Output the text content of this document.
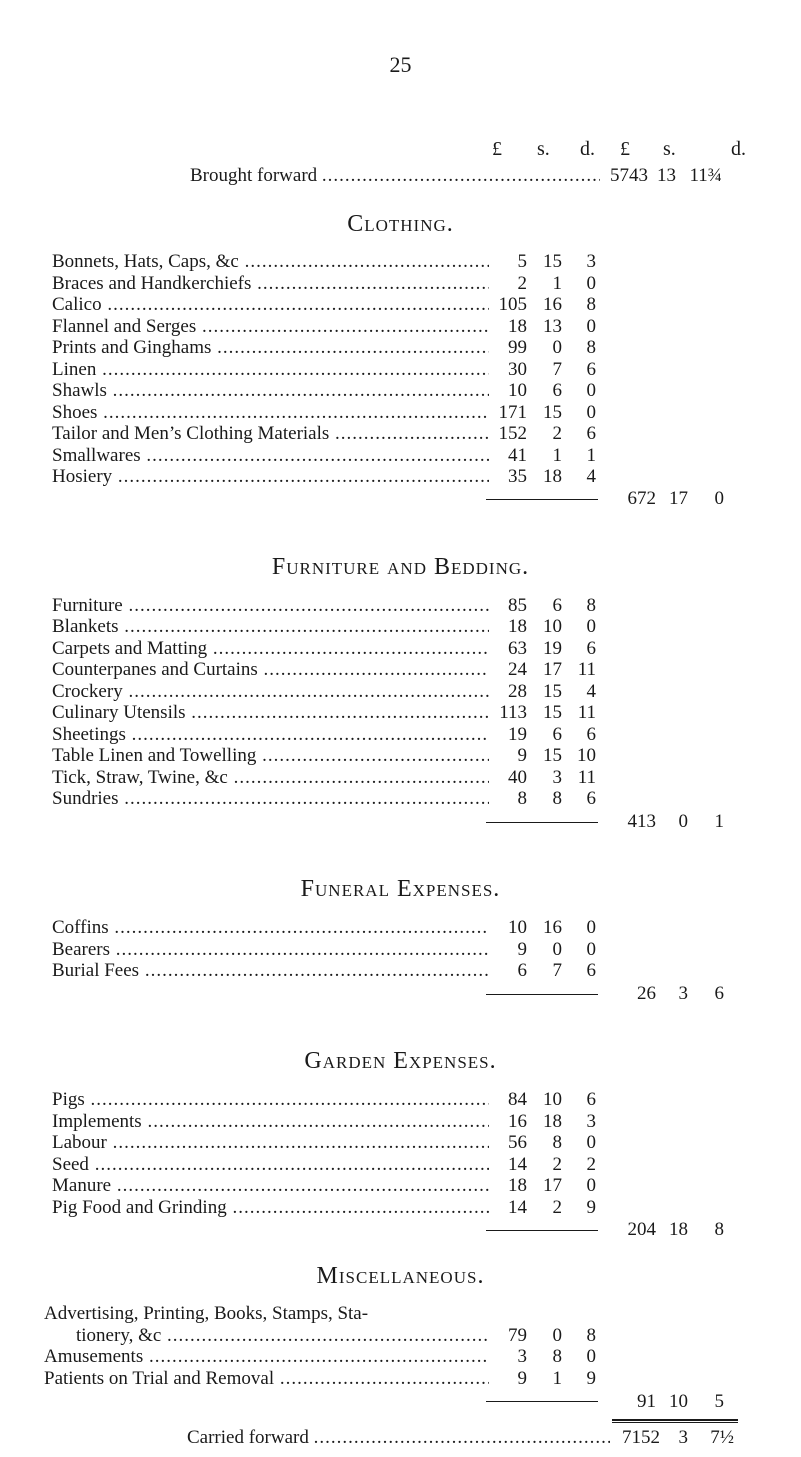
25
£ s. d. £ s.	d.
Brought forward .....	5743 13 11¾
Clothing.
Bonnets, Hats, Caps, &c .....	5 15	3
Braces and Handkerchiefs .....	2	1	0
Calico .....	105 16	8
Flannel and Serges .....	18 13	0
Prints and Ginghams .....	99	0	8
Linen .....	30	7	6
Shawls .....	10	6	0
Shoes .....	171 15	0
Tailor and Men’s Clothing Materials .....	152	2	6
Smallwares .....	41	1	1
Hosiery .....	35 18	4
672 17	0
Furniture and Bedding.
Furniture .....	85	6	8
Blankets .....	18 10	0
Carpets and Matting .....	63 19	6
Counterpanes and Curtains .....	24 17 11
Crockery .....	28 15	4
Culinary Utensils .....	113 15 11
Sheetings .....	19	6	6
Table Linen and Towelling .....	9 15 10
Tick, Straw, Twine, &c .....	40	3 11
Sundries .....	8	8	6
413	0	1
Funeral Expenses.
Coffins .....	10 16	0
Bearers .....	9	0	0
Burial Fees .....	6	7	6
26	3	6
Garden Expenses.
Pigs .....	84 10	6
Implements .....	16 18	3
Labour .....	56	8	0
Seed .....	14	2	2
Manure .....	18 17	0
Pig Food and Grinding .....	14	2	9
204 18	8
Miscellaneous.
Advertising, Printing, Books, Stamps, Sta-
tionery, &c .....	79	0	8
Amusements .....	3	8	0
Patients on Trial and Removal .....	9	1	9
91 10	5
Carried forward .....	7152 3	7½
